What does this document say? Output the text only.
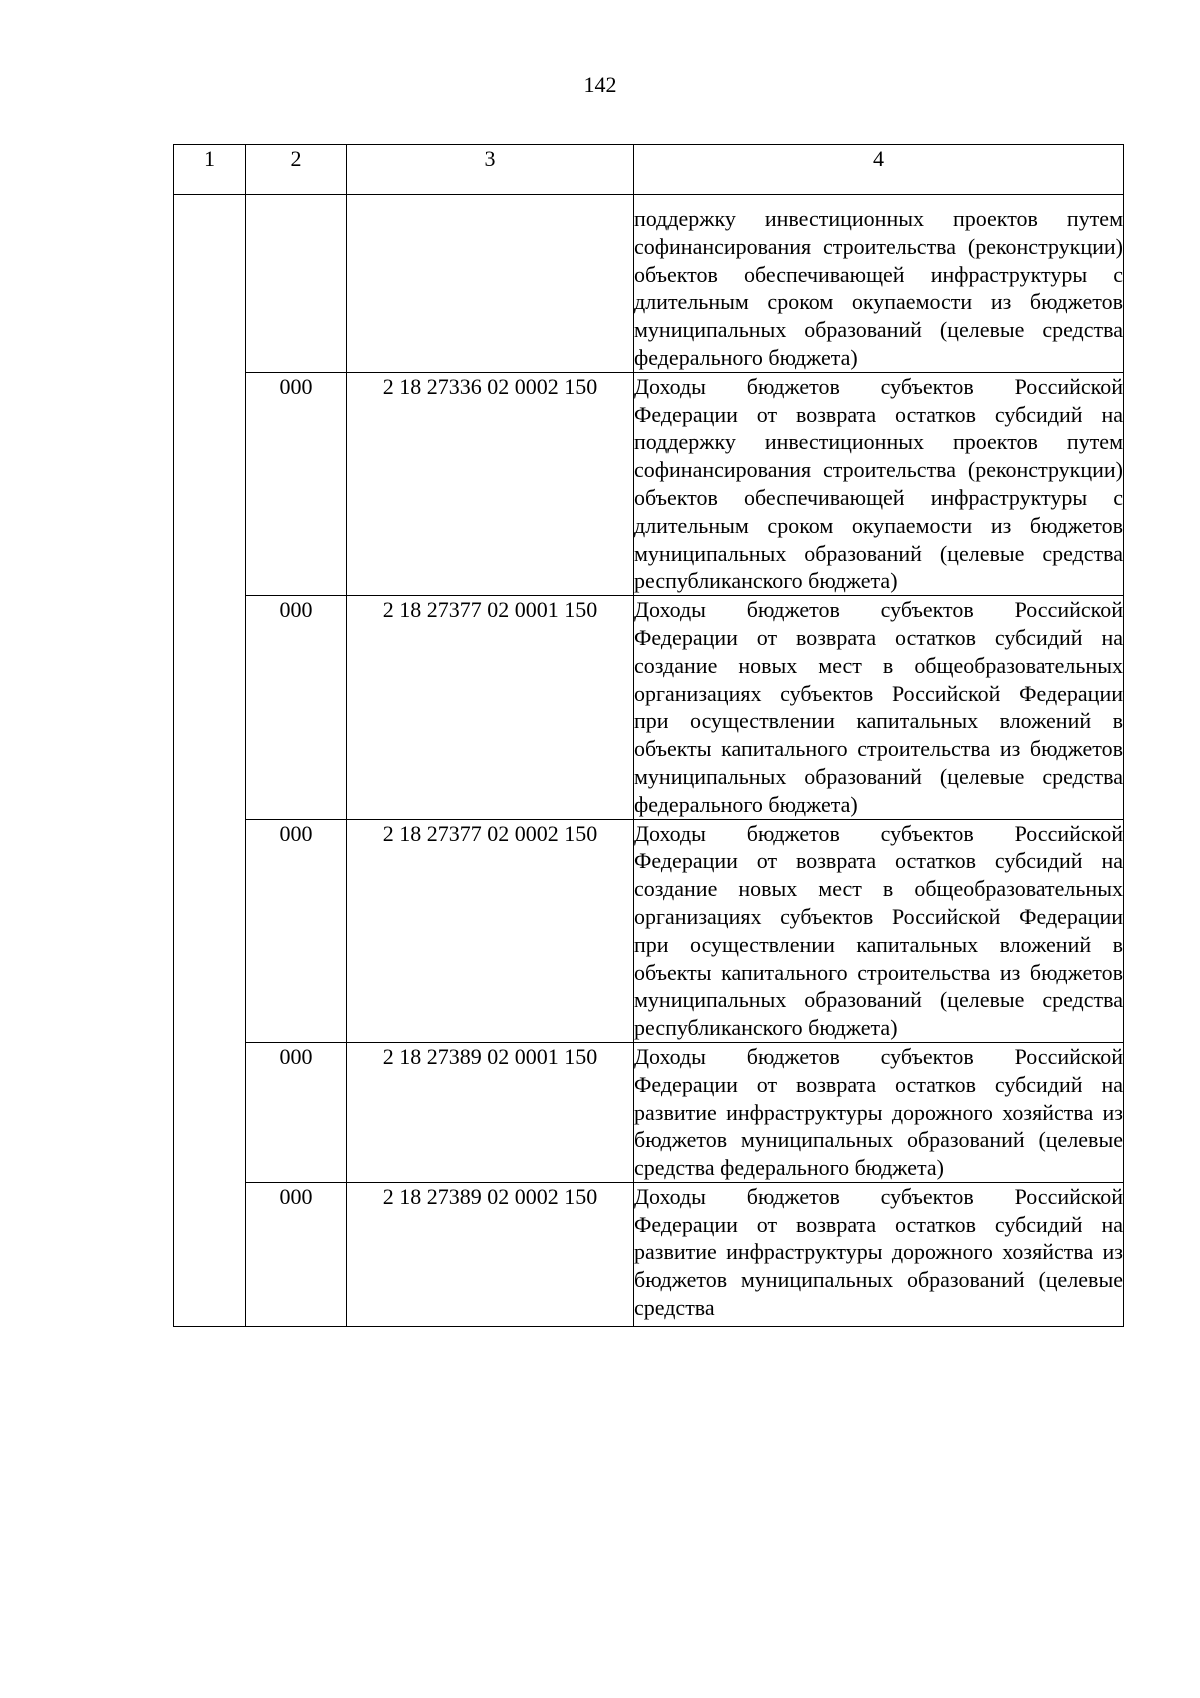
142
1	2	3	4
			поддержку инвестиционных проектов путем софинансирования строительства (реконструкции) объектов обеспечивающей инфраструктуры с длительным сроком окупаемости из бюджетов муниципальных образований (целевые средства федерального бюджета)
	000	2 18 27336 02 0002 150	Доходы бюджетов субъектов Российской Федерации от возврата остатков субсидий на поддержку инвестиционных проектов путем софинансирования строительства (реконструкции) объектов обеспечивающей инфраструктуры с длительным сроком окупаемости из бюджетов муниципальных образований (целевые средства республиканского бюджета)
	000	2 18 27377 02 0001 150	Доходы бюджетов субъектов Российской Федерации от возврата остатков субсидий на создание новых мест в общеобразовательных организациях субъектов Российской Федерации при осуществлении капитальных вложений в объекты капитального строительства из бюджетов муниципальных образований (целевые средства федерального бюджета)
	000	2 18 27377 02 0002 150	Доходы бюджетов субъектов Российской Федерации от возврата остатков субсидий на создание новых мест в общеобразовательных организациях субъектов Российской Федерации при осуществлении капитальных вложений в объекты капитального строительства из бюджетов муниципальных образований (целевые средства республиканского бюджета)
	000	2 18 27389 02 0001 150	Доходы бюджетов субъектов Российской Федерации от возврата остатков субсидий на развитие инфраструктуры дорожного хозяйства из бюджетов муниципальных образований (целевые средства федерального бюджета)
	000	2 18 27389 02 0002 150	Доходы бюджетов субъектов Российской Федерации от возврата остатков субсидий на развитие инфраструктуры дорожного хозяйства из бюджетов муниципальных образований (целевые средства
